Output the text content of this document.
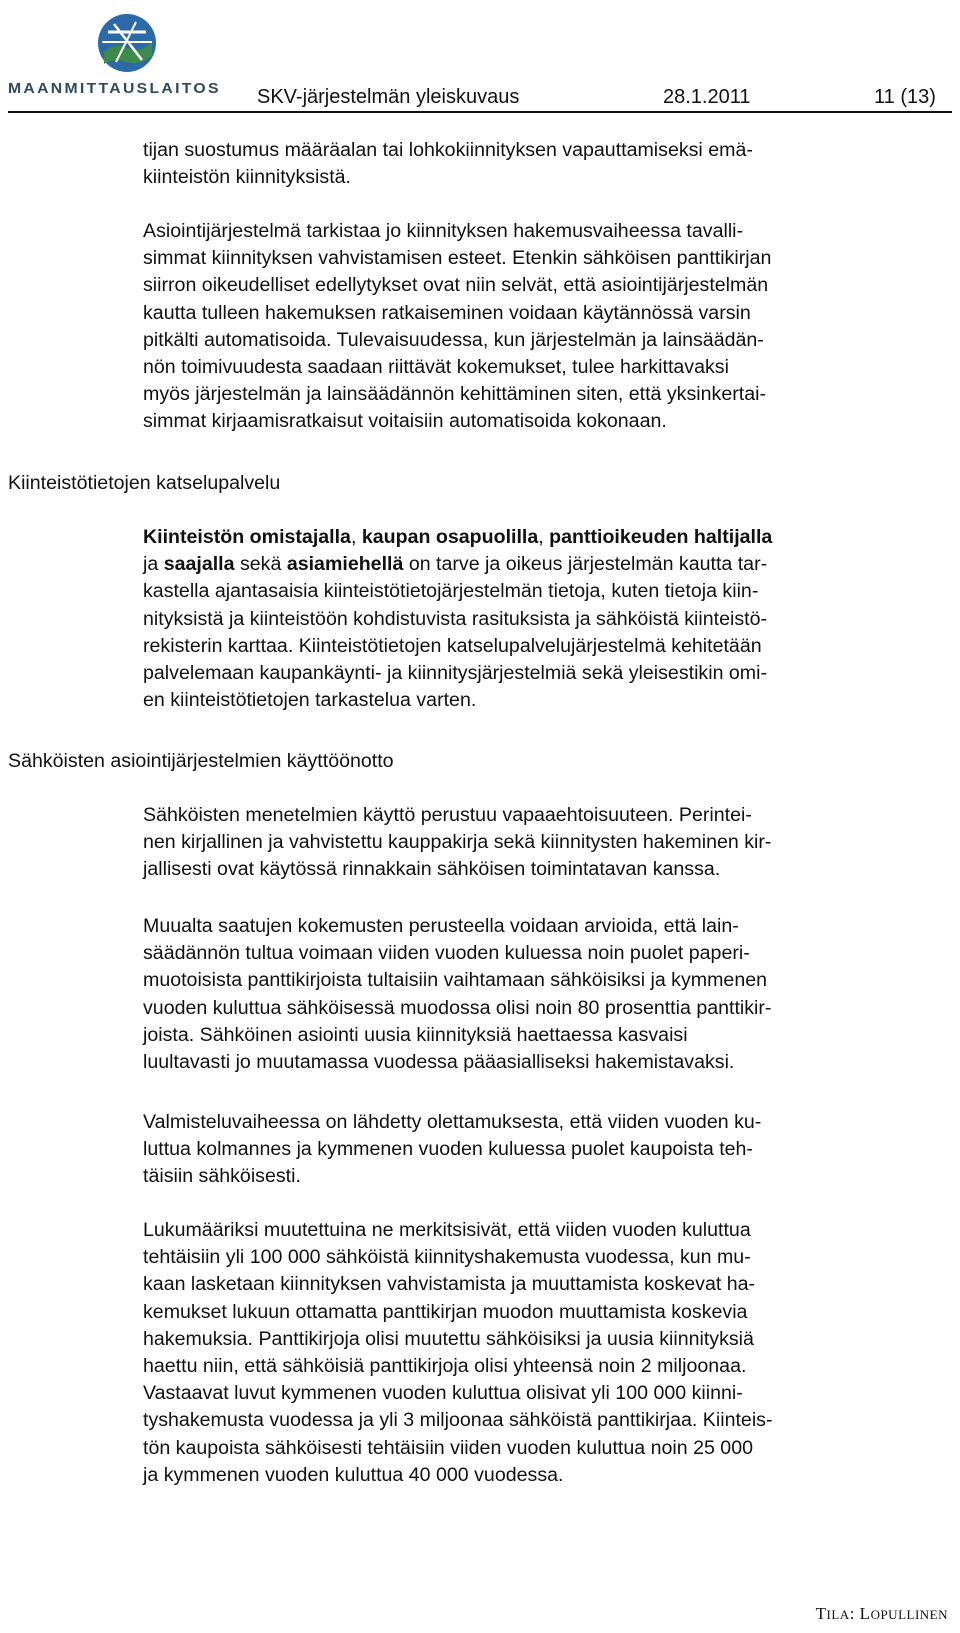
MAANMITTAUSLAITOS SKV-järjestelmän yleiskuvaus	28.1.2011	11 (13)
tijan suostumus määräalan tai lohkokiinnityksen vapauttamiseksi emä-
kiinteistön kiinnityksistä.
Asiointijärjestelmä tarkistaa jo kiinnityksen hakemusvaiheessa tavalli-
simmat kiinnityksen vahvistamisen esteet. Etenkin sähköisen panttikirjan
siirron oikeudelliset edellytykset ovat niin selvät, että asiointijärjestelmän
kautta tulleen hakemuksen ratkaiseminen voidaan käytännössä varsin
pitkälti automatisoida. Tulevaisuudessa, kun järjestelmän ja lainsäädän-
nön toimivuudesta saadaan riittävät kokemukset, tulee harkittavaksi
myös järjestelmän ja lainsäädännön kehittäminen siten, että yksinkertai-
simmat kirjaamisratkaisut voitaisiin automatisoida kokonaan.
Kiinteistötietojen katselupalvelu
Kiinteistön omistajalla, kaupan osapuolilla, panttioikeuden haltijalla
ja saajalla sekä asiamiehellä on tarve ja oikeus järjestelmän kautta tar-
kastella ajantasaisia kiinteistötietojärjestelmän tietoja, kuten tietoja kiin-
nityksistä ja kiinteistöön kohdistuvista rasituksista ja sähköistä kiinteistö-
rekisterin karttaa. Kiinteistötietojen katselupalvelujärjestelmä kehitetään
palvelemaan kaupankäynti- ja kiinnitysjärjestelmiä sekä yleisestikin omi-
en kiinteistötietojen tarkastelua varten.
Sähköisten asiointijärjestelmien käyttöönotto
Sähköisten menetelmien käyttö perustuu vapaaehtoisuuteen. Perintei-
nen kirjallinen ja vahvistettu kauppakirja sekä kiinnitysten hakeminen kir-
jallisesti ovat käytössä rinnakkain sähköisen toimintatavan kanssa.
Muualta saatujen kokemusten perusteella voidaan arvioida, että lain-
säädännön tultua voimaan viiden vuoden kuluessa noin puolet paperi-
muotoisista panttikirjoista tultaisiin vaihtamaan sähköisiksi ja kymmenen
vuoden kuluttua sähköisessä muodossa olisi noin 80 prosenttia panttikir-
joista. Sähköinen asiointi uusia kiinnityksiä haettaessa kasvaisi
luultavasti jo muutamassa vuodessa pääasialliseksi hakemistavaksi.
Valmisteluvaiheessa on lähdetty olettamuksesta, että viiden vuoden ku-
luttua kolmannes ja kymmenen vuoden kuluessa puolet kaupoista teh-
täisiin sähköisesti.
Lukumääriksi muutettuina ne merkitsisivät, että viiden vuoden kuluttua
tehtäisiin yli 100 000 sähköistä kiinnityshakemusta vuodessa, kun mu-
kaan lasketaan kiinnityksen vahvistamista ja muuttamista koskevat ha-
kemukset lukuun ottamatta panttikirjan muodon muuttamista koskevia
hakemuksia. Panttikirjoja olisi muutettu sähköisiksi ja uusia kiinnityksiä
haettu niin, että sähköisiä panttikirjoja olisi yhteensä noin 2 miljoonaa.
Vastaavat luvut kymmenen vuoden kuluttua olisivat yli 100 000 kiinni-
tyshakemusta vuodessa ja yli 3 miljoonaa sähköistä panttikirjaa. Kiinteis-
tön kaupoista sähköisesti tehtäisiin viiden vuoden kuluttua noin 25 000
ja kymmenen vuoden kuluttua 40 000 vuodessa.
TILA: LOPULLINEN
